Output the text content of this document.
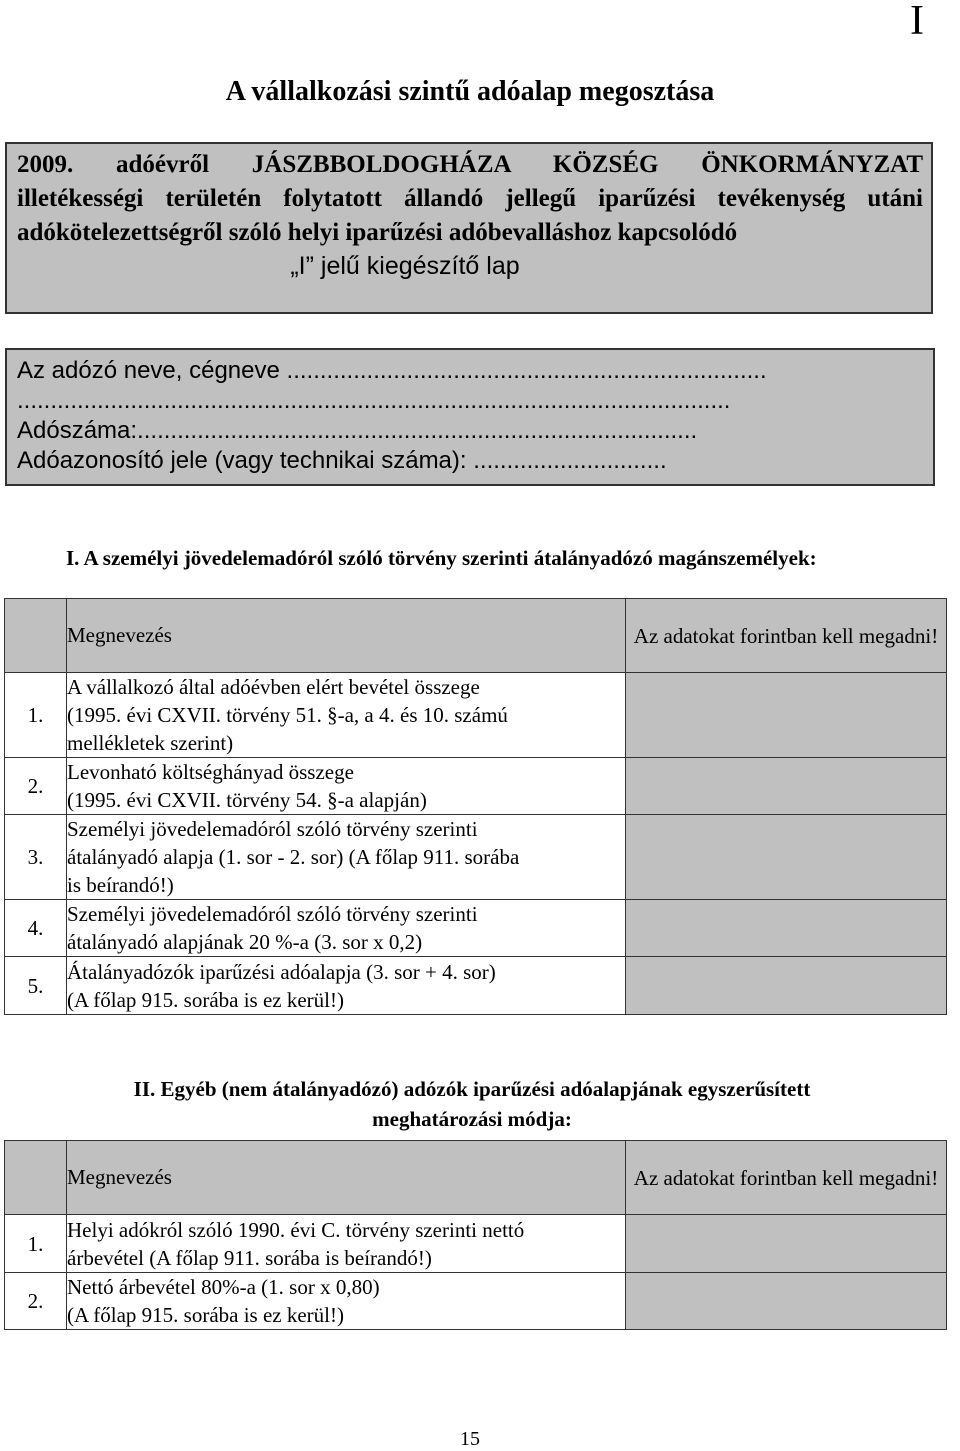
I
A vállalkozási szintű adóalap megosztása
2009. adóévről JÁSZBBOLDOGHÁZA KÖZSÉG ÖNKORMÁNYZAT
illetékességi területén folytatott állandó jellegű iparűzési tevékenység utáni
adókötelezettségről szóló helyi iparűzési adóbevalláshoz kapcsolódó
„I” jelű kiegészítő lap
Az adózó neve, cégneve ........................................................................
...........................................................................................................
Adószáma:....................................................................................
Adóazonosító jele (vagy technikai száma): .............................
I. A személyi jövedelemadóról szóló törvény szerinti átalányadózó magánszemélyek:
	Megnevezés	Az adatokat forintban kell megadni!
1.	A vállalkozó által adóévben elért bevétel összege
(1995. évi CXVII. törvény 51. §-a, a 4. és 10. számú
mellékletek szerint)	

2.	Levonható költséghányad összege
(1995. évi CXVII. törvény 54. §-a alapján)	

3.	Személyi jövedelemadóról szóló törvény szerinti
átalányadó alapja (1. sor - 2. sor) (A főlap 911. sorába
is beírandó!)	

4.	Személyi jövedelemadóról szóló törvény szerinti
átalányadó alapjának 20 %-a (3. sor x 0,2)	

5.	Átalányadózók iparűzési adóalapja (3. sor + 4. sor)
(A főlap 915. sorába is ez kerül!)	

II. Egyéb (nem átalányadózó) adózók iparűzési adóalapjának egyszerűsített
meghatározási módja:
	Megnevezés	Az adatokat forintban kell megadni!
1.	Helyi adókról szóló 1990. évi C. törvény szerinti nettó
árbevétel (A főlap 911. sorába is beírandó!)	

2.	Nettó árbevétel 80%-a (1. sor x 0,80)
(A főlap 915. sorába is ez kerül!)	

15
